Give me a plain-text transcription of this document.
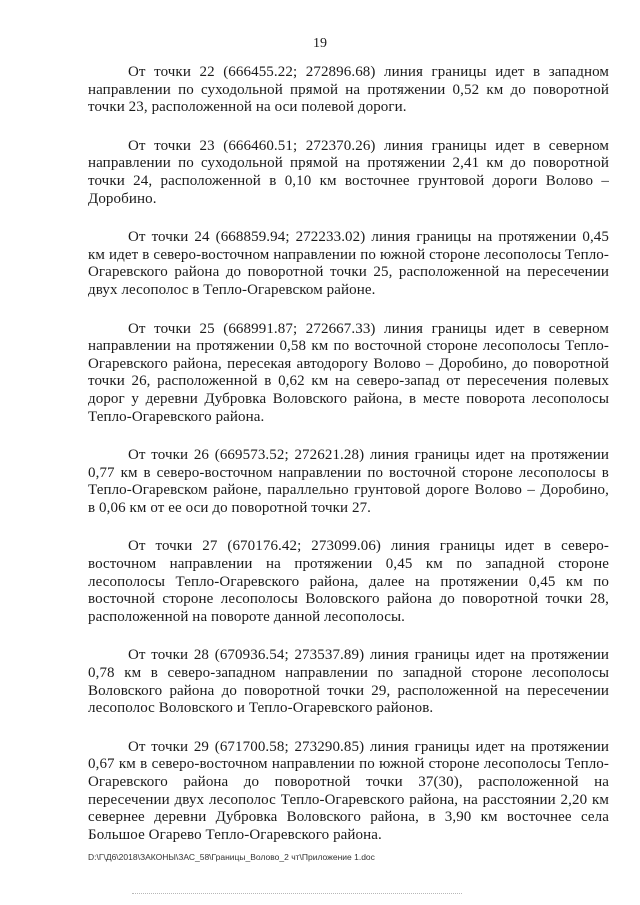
19

От точки 22 (666455.22; 272896.68) линия границы идет в западном направлении по суходольной прямой на протяжении 0,52 км до поворотной точки 23, расположенной на оси полевой дороги.

От точки 23 (666460.51; 272370.26) линия границы идет в северном направлении по суходольной прямой на протяжении 2,41 км до поворотной точки 24, расположенной в 0,10 км восточнее грунтовой дороги Волово – Доробино.

От точки 24 (668859.94; 272233.02) линия границы на протяжении 0,45 км идет в северо-восточном направлении по южной стороне лесополосы Тепло-Огаревского района до поворотной точки 25, расположенной на пересечении двух лесополос в Тепло-Огаревском районе.

От точки 25 (668991.87; 272667.33) линия границы идет в северном направлении на протяжении 0,58 км по восточной стороне лесополосы Тепло-Огаревского района, пересекая автодорогу Волово – Доробино, до поворотной точки 26, расположенной в 0,62 км на северо-запад от пересечения полевых дорог у деревни Дубровка Воловского района, в месте поворота лесополосы Тепло-Огаревского района.

От точки 26 (669573.52; 272621.28) линия границы идет на протяжении 0,77 км в северо-восточном направлении по восточной стороне лесополосы в Тепло-Огаревском районе, параллельно грунтовой дороге Волово – Доробино, в 0,06 км от ее оси до поворотной точки 27.

От точки 27 (670176.42; 273099.06) линия границы идет в северо-восточном направлении на протяжении 0,45 км по западной стороне лесополосы Тепло-Огаревского района, далее на протяжении 0,45 км по восточной стороне лесополосы Воловского района до поворотной точки 28, расположенной на повороте данной лесополосы.

От точки 28 (670936.54; 273537.89) линия границы идет на протяжении 0,78 км в северо-западном направлении по западной стороне лесополосы Воловского района до поворотной точки 29, расположенной на пересечении лесополос Воловского и Тепло-Огаревского районов.

От точки 29 (671700.58; 273290.85) линия границы идет на протяжении 0,67 км в северо-восточном направлении по южной стороне лесополосы Тепло-Огаревского района до поворотной точки 37(30), расположенной на пересечении двух лесополос Тепло-Огаревского района, на расстоянии 2,20 км севернее деревни Дубровка Воловского района, в 3,90 км восточнее села Большое Огарево Тепло-Огаревского района.

D:\Г\Д6\2018\ЗАКОНЫ\ЗАС_58\Границы_Волово_2 чт\Приложение 1.doc
